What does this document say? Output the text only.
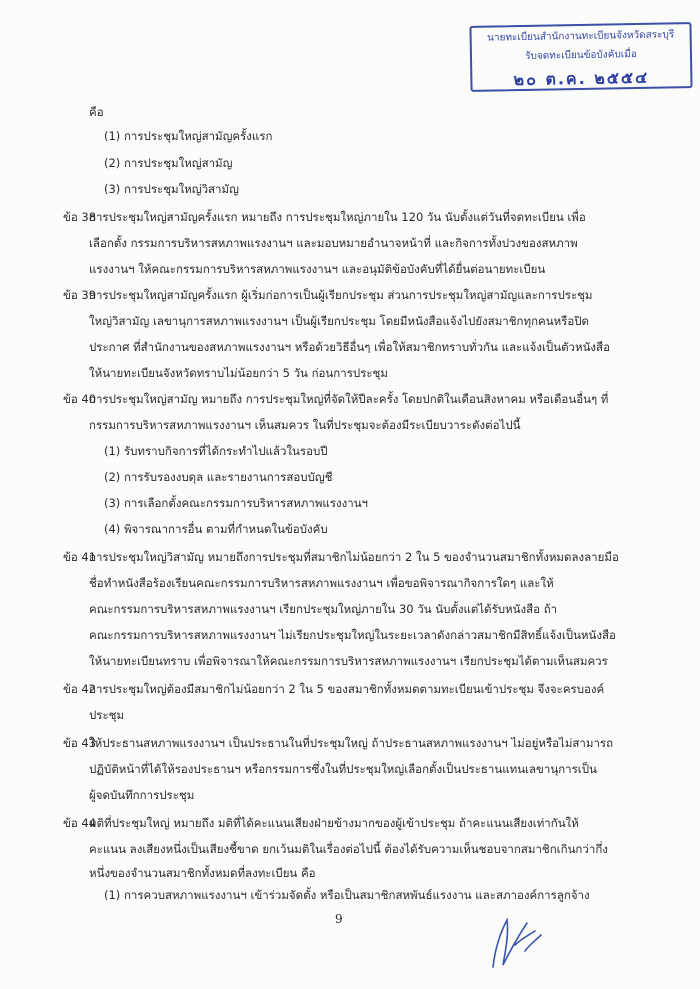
นายทะเบียนสำนักงานทะเบียนจังหวัดสระบุรี
รับจดทะเบียนข้อบังคับเมื่อ
๒๐ ต.ค. ๒๕๕๔
คือ
(1) การประชุมใหญ่สามัญครั้งแรก
(2) การประชุมใหญ่สามัญ
(3) การประชุมใหญ่วิสามัญ
ข้อ 38
การประชุมใหญ่สามัญครั้งแรก หมายถึง การประชุมใหญ่ภายใน 120 วัน นับตั้งแต่วันที่จดทะเบียน เพื่อ
เลือกตั้ง กรรมการบริหารสหภาพแรงงานฯ และมอบหมายอำนาจหน้าที่ และกิจการทั้งปวงของสหภาพ
แรงงานฯ ให้คณะกรรมการบริหารสหภาพแรงงานฯ และอนุมัติข้อบังคับที่ได้ยื่นต่อนายทะเบียน
ข้อ 39
การประชุมใหญ่สามัญครั้งแรก ผู้เริ่มก่อการเป็นผู้เรียกประชุม ส่วนการประชุมใหญ่สามัญและการประชุม
ใหญ่วิสามัญ เลขานุการสหภาพแรงงานฯ เป็นผู้เรียกประชุม โดยมีหนังสือแจ้งไปยังสมาชิกทุกคนหรือปิด
ประกาศ ที่สำนักงานของสหภาพแรงงานฯ หรือด้วยวิธีอื่นๆ เพื่อให้สมาชิกทราบทั่วกัน และแจ้งเป็นตัวหนังสือ
ให้นายทะเบียนจังหวัดทราบไม่น้อยกว่า 5 วัน ก่อนการประชุม
ข้อ 40
การประชุมใหญ่สามัญ หมายถึง การประชุมใหญ่ที่จัดให้ปีละครั้ง โดยปกติในเดือนสิงหาคม หรือเดือนอื่นๆ ที่
กรรมการบริหารสหภาพแรงงานฯ เห็นสมควร ในที่ประชุมจะต้องมีระเบียบวาระดังต่อไปนี้
(1) รับทราบกิจการที่ได้กระทำไปแล้วในรอบปี
(2) การรับรองงบดุล และรายงานการสอบบัญชี
(3) การเลือกตั้งคณะกรรมการบริหารสหภาพแรงงานฯ
(4) พิจารณาการอื่น ตามที่กำหนดในข้อบังคับ
ข้อ 41
การประชุมใหญ่วิสามัญ หมายถึงการประชุมที่สมาชิกไม่น้อยกว่า 2 ใน 5 ของจำนวนสมาชิกทั้งหมดลงลายมือ
ชื่อทำหนังสือร้องเรียนคณะกรรมการบริหารสหภาพแรงงานฯ เพื่อขอพิจารณากิจการใดๆ และให้
คณะกรรมการบริหารสหภาพแรงงานฯ เรียกประชุมใหญ่ภายใน 30 วัน นับตั้งแต่ได้รับหนังสือ ถ้า
คณะกรรมการบริหารสหภาพแรงงานฯ ไม่เรียกประชุมใหญ่ในระยะเวลาดังกล่าวสมาชิกมีสิทธิ์แจ้งเป็นหนังสือ
ให้นายทะเบียนทราบ เพื่อพิจารณาให้คณะกรรมการบริหารสหภาพแรงงานฯ เรียกประชุมได้ตามเห็นสมควร
ข้อ 42
การประชุมใหญ่ต้องมีสมาชิกไม่น้อยกว่า 2 ใน 5 ของสมาชิกทั้งหมดตามทะเบียนเข้าประชุม จึงจะครบองค์
ประชุม
ข้อ 43
ให้ประธานสหภาพแรงงานฯ เป็นประธานในที่ประชุมใหญ่ ถ้าประธานสหภาพแรงงานฯ ไม่อยู่หรือไม่สามารถ
ปฏิบัติหน้าที่ได้ให้รองประธานฯ หรือกรรมการซึ่งในที่ประชุมใหญ่เลือกตั้งเป็นประธานแทนเลขานุการเป็น
ผู้จดบันทึกการประชุม
ข้อ 44
มติที่ประชุมใหญ่ หมายถึง มติที่ได้คะแนนเสียงฝ่ายข้างมากของผู้เข้าประชุม ถ้าคะแนนเสียงเท่ากันให้
คะแนน ลงเสียงหนึ่งเป็นเสียงชี้ขาด ยกเว้นมติในเรื่องต่อไปนี้ ต้องได้รับความเห็นชอบจากสมาชิกเกินกว่ากึ่ง
หนึ่งของจำนวนสมาชิกทั้งหมดที่ลงทะเบียน คือ
(1) การควบสหภาพแรงงานฯ เข้าร่วมจัดตั้ง หรือเป็นสมาชิกสหพันธ์แรงงาน และสภาองค์การลูกจ้าง
9
